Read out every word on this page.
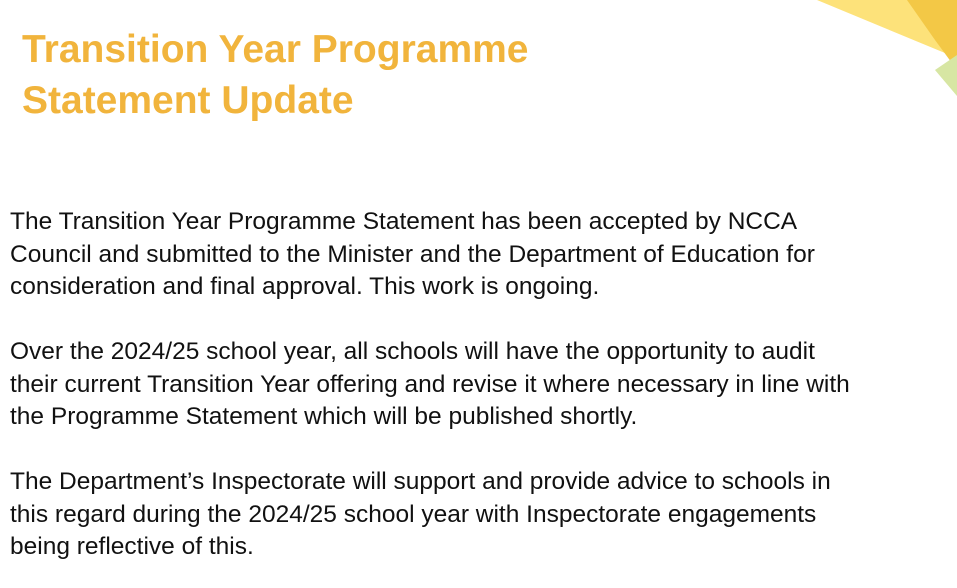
Transition Year Programme
Statement Update

The Transition Year Programme Statement has been accepted by NCCA
Council and submitted to the Minister and the Department of Education for
consideration and final approval. This work is ongoing.

Over the 2024/25 school year, all schools will have the opportunity to audit
their current Transition Year offering and revise it where necessary in line with
the Programme Statement which will be published shortly.

The Department’s Inspectorate will support and provide advice to schools in
this regard during the 2024/25 school year with Inspectorate engagements
being reflective of this.
